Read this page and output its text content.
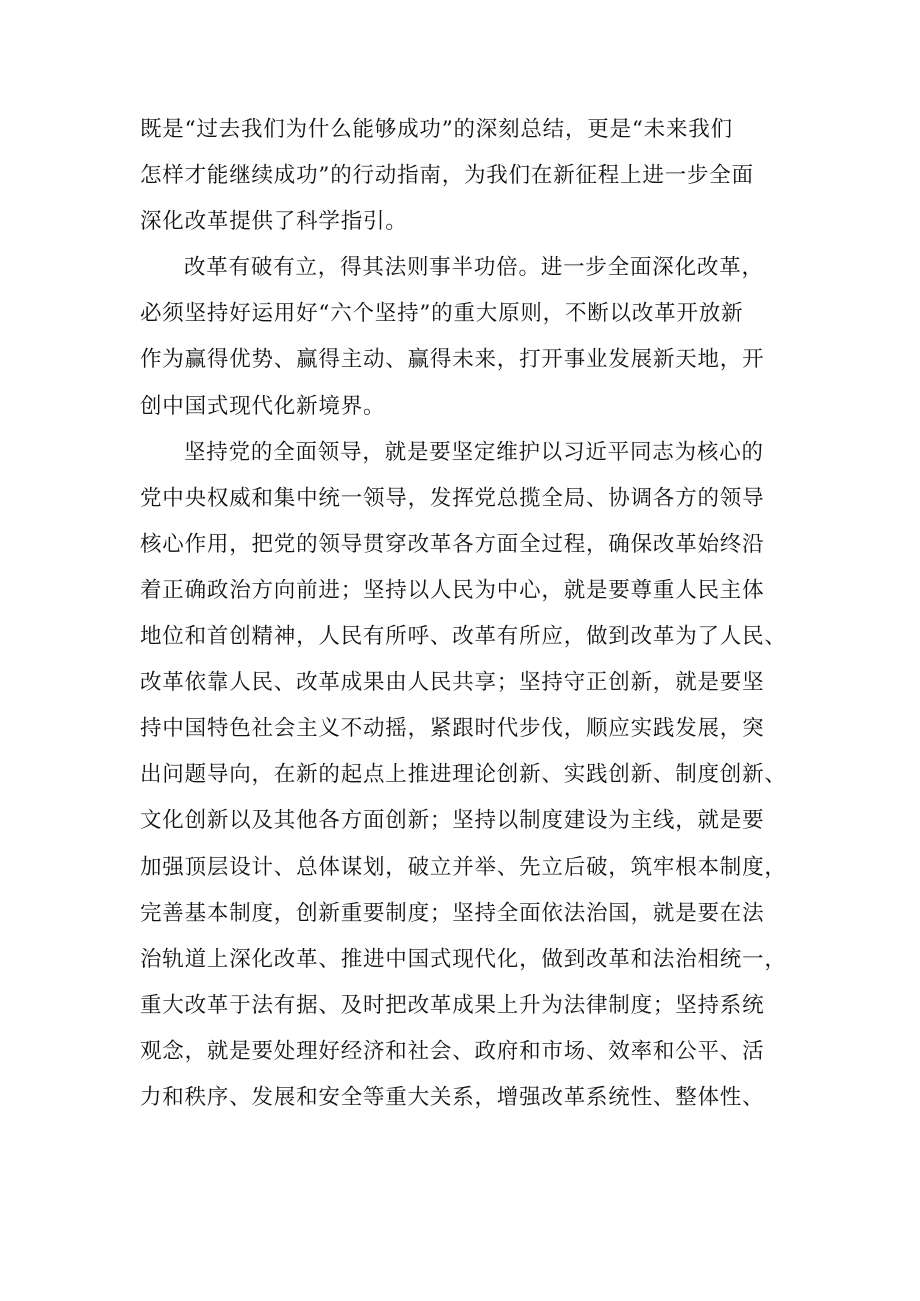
既是“过去我们为什么能够成功”的深刻总结，更是“未来我们
怎样才能继续成功”的行动指南，为我们在新征程上进一步全面
深化改革提供了科学指引。

改革有破有立，得其法则事半功倍。进一步全面深化改革，
必须坚持好运用好“六个坚持”的重大原则，不断以改革开放新
作为赢得优势、赢得主动、赢得未来，打开事业发展新天地，开
创中国式现代化新境界。

坚持党的全面领导，就是要坚定维护以习近平同志为核心的
党中央权威和集中统一领导，发挥党总揽全局、协调各方的领导
核心作用，把党的领导贯穿改革各方面全过程，确保改革始终沿
着正确政治方向前进；坚持以人民为中心，就是要尊重人民主体
地位和首创精神，人民有所呼、改革有所应，做到改革为了人民、
改革依靠人民、改革成果由人民共享；坚持守正创新，就是要坚
持中国特色社会主义不动摇，紧跟时代步伐，顺应实践发展，突
出问题导向，在新的起点上推进理论创新、实践创新、制度创新、
文化创新以及其他各方面创新；坚持以制度建设为主线，就是要
加强顶层设计、总体谋划，破立并举、先立后破，筑牢根本制度，
完善基本制度，创新重要制度；坚持全面依法治国，就是要在法
治轨道上深化改革、推进中国式现代化，做到改革和法治相统一，
重大改革于法有据、及时把改革成果上升为法律制度；坚持系统
观念，就是要处理好经济和社会、政府和市场、效率和公平、活
力和秩序、发展和安全等重大关系，增强改革系统性、整体性、
